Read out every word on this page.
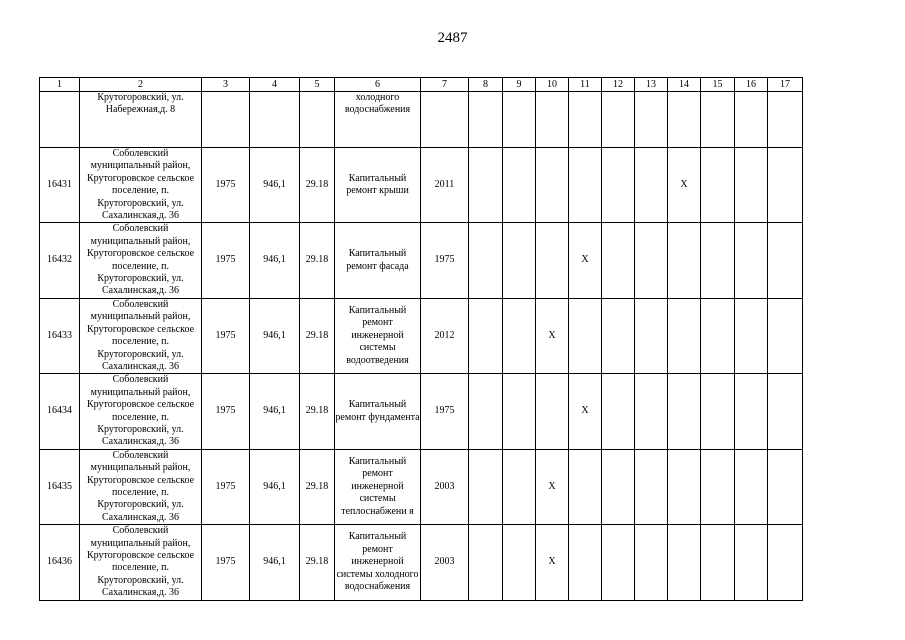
2487
1	2	3	4	5	6	7	8	9	10	11	12	13	14	15	16	17
	Крутогоровский, ул. Набережная,д. 8				холодного водоснабжения											
16431	Соболевский муниципальный район, Крутогоровское сельское поселение, п. Крутогоровский, ул. Сахалинская,д. 36	1975	946,1	29.18	Капитальный ремонт крыши	2011							X			
16432	Соболевский муниципальный район, Крутогоровское сельское поселение, п. Крутогоровский, ул. Сахалинская,д. 36	1975	946,1	29.18	Капитальный ремонт фасада	1975				X						
16433	Соболевский муниципальный район, Крутогоровское сельское поселение, п. Крутогоровский, ул. Сахалинская,д. 36	1975	946,1	29.18	Капитальный ремонт инженерной системы водоотведения	2012			X							
16434	Соболевский муниципальный район, Крутогоровское сельское поселение, п. Крутогоровский, ул. Сахалинская,д. 36	1975	946,1	29.18	Капитальный ремонт фундамента	1975				X						
16435	Соболевский муниципальный район, Крутогоровское сельское поселение, п. Крутогоровский, ул. Сахалинская,д. 36	1975	946,1	29.18	Капитальный ремонт инженерной системы теплоснабжени я	2003			X							
16436	Соболевский муниципальный район, Крутогоровское сельское поселение, п. Крутогоровский, ул. Сахалинская,д. 36	1975	946,1	29.18	Капитальный ремонт инженерной системы холодного водоснабжения	2003			X							
